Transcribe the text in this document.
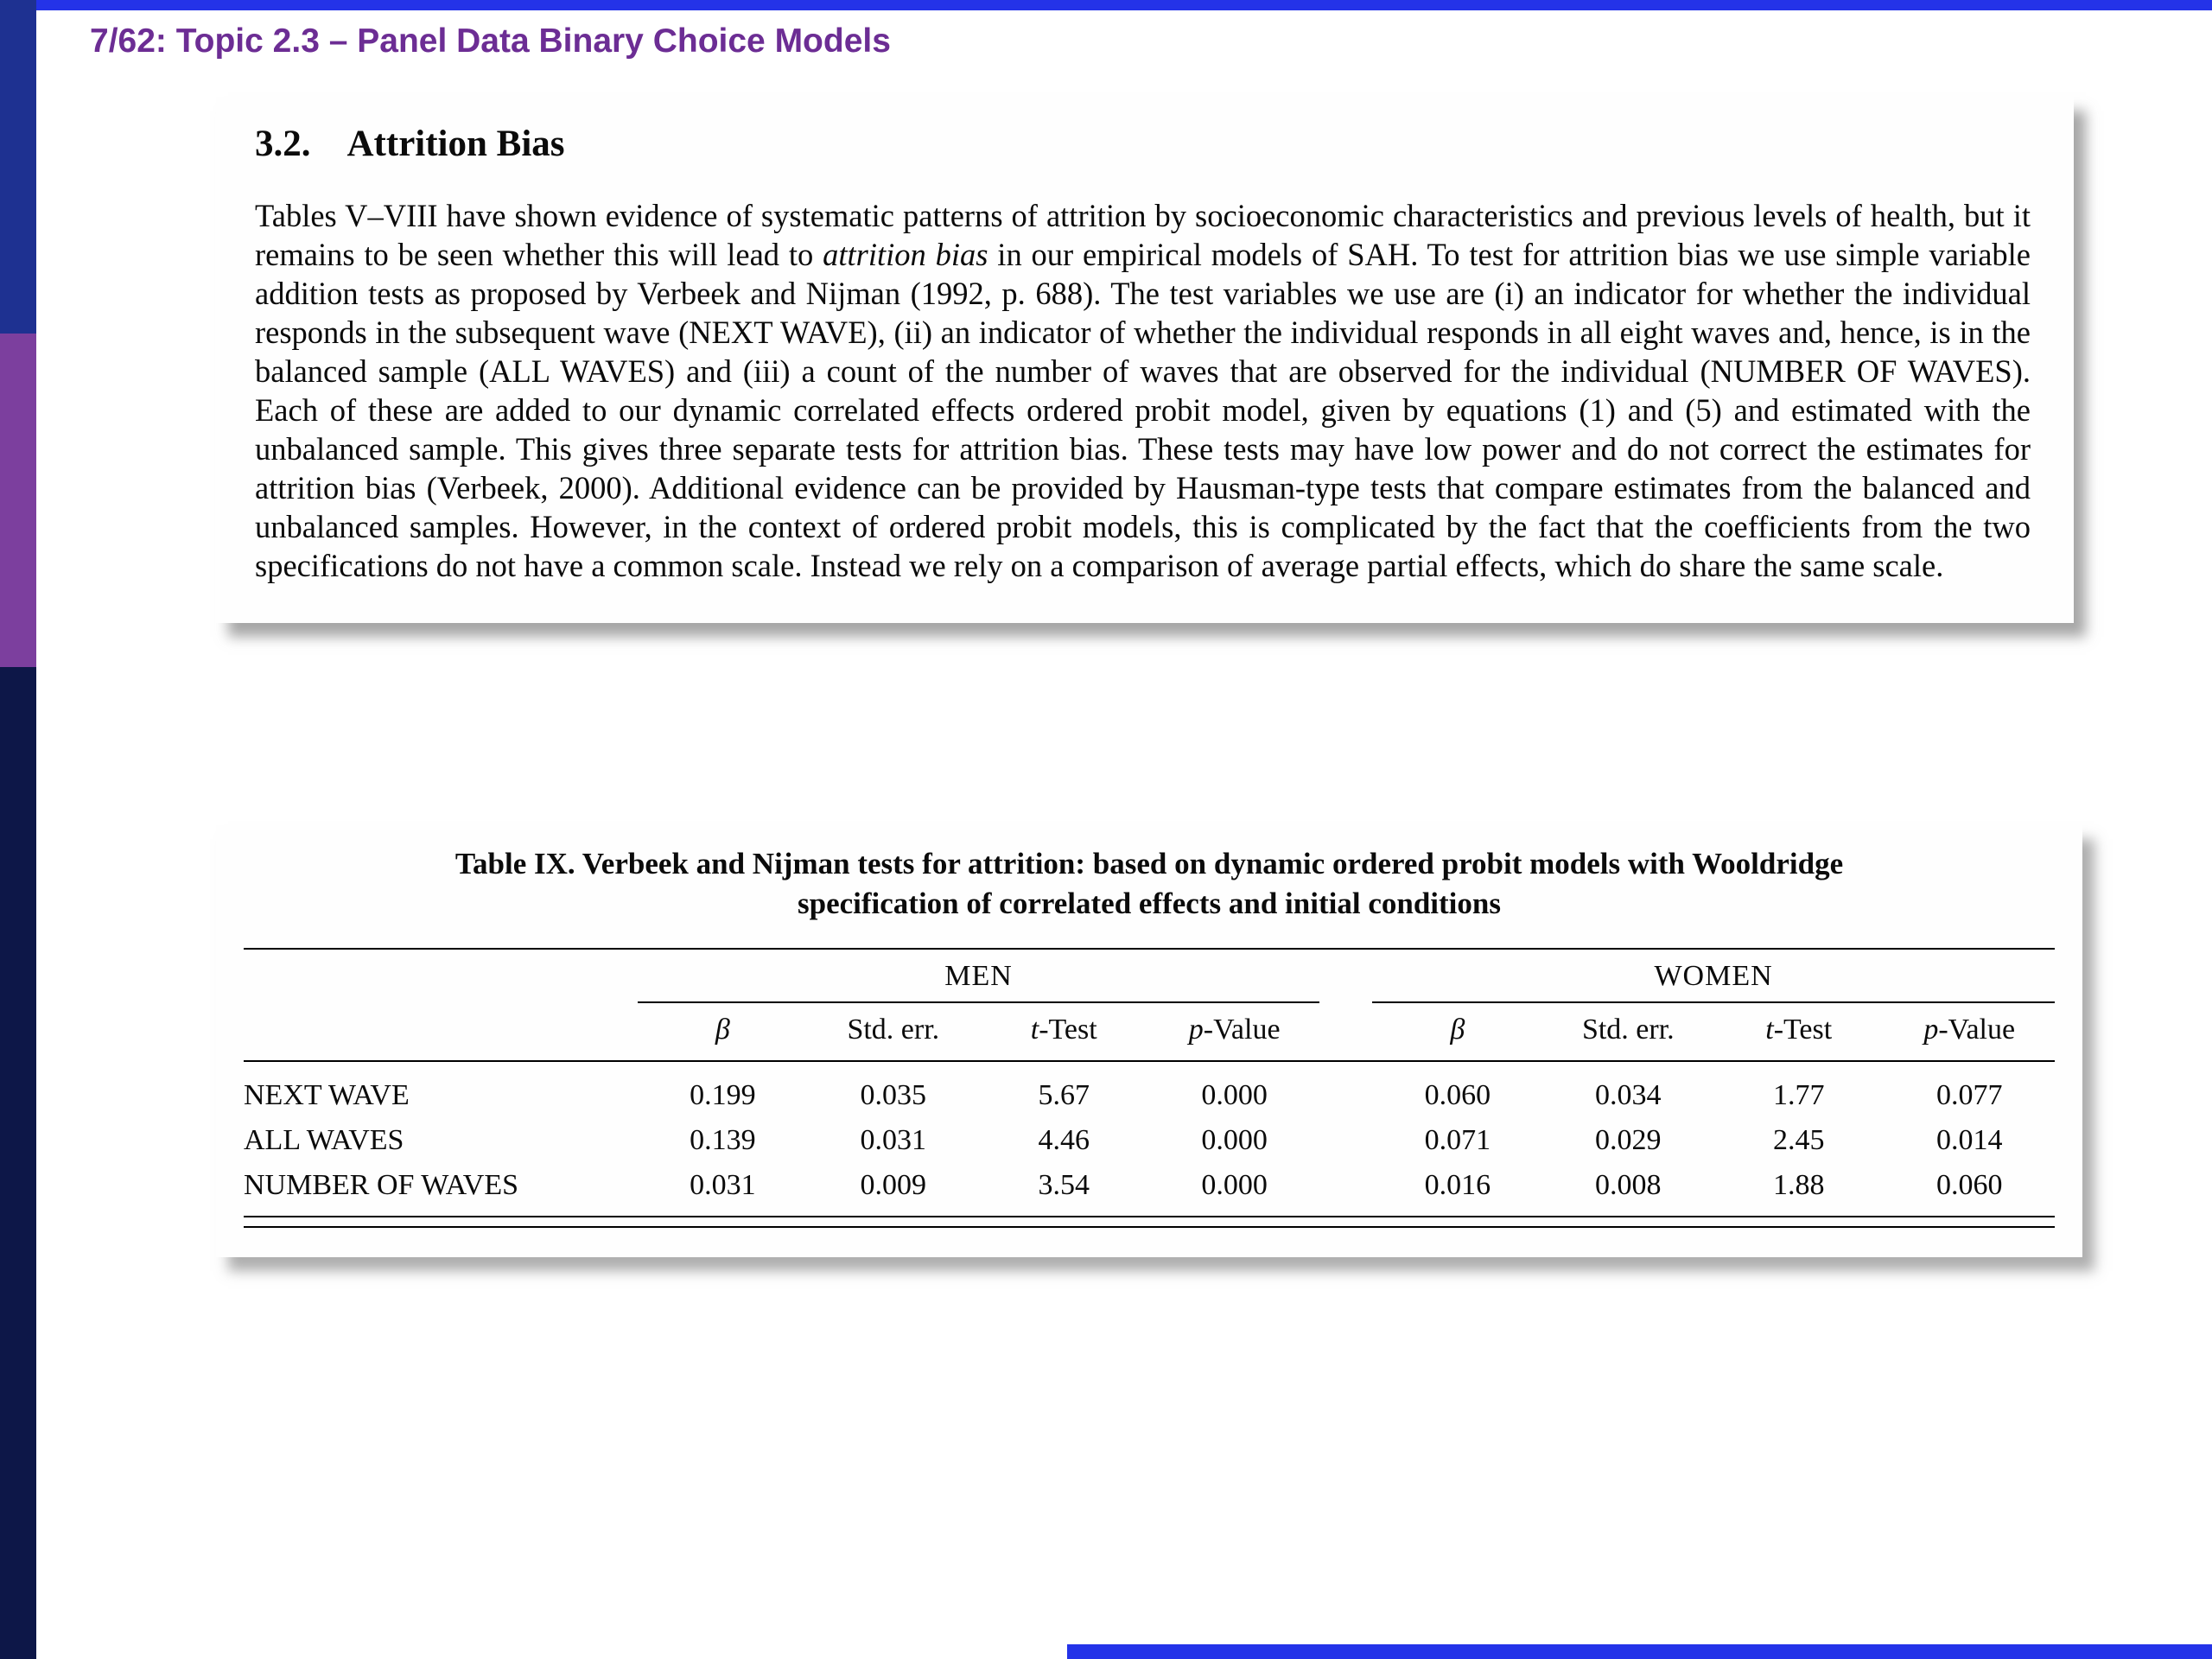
7/62: Topic 2.3 – Panel Data Binary Choice Models
3.2. Attrition Bias

Tables V–VIII have shown evidence of systematic patterns of attrition by socioeconomic characteristics and previous levels of health, but it remains to be seen whether this will lead to attrition bias in our empirical models of SAH. To test for attrition bias we use simple variable addition tests as proposed by Verbeek and Nijman (1992, p. 688). The test variables we use are (i) an indicator for whether the individual responds in the subsequent wave (NEXT WAVE), (ii) an indicator of whether the individual responds in all eight waves and, hence, is in the balanced sample (ALL WAVES) and (iii) a count of the number of waves that are observed for the individual (NUMBER OF WAVES). Each of these are added to our dynamic correlated effects ordered probit model, given by equations (1) and (5) and estimated with the unbalanced sample. This gives three separate tests for attrition bias. These tests may have low power and do not correct the estimates for attrition bias (Verbeek, 2000). Additional evidence can be provided by Hausman-type tests that compare estimates from the balanced and unbalanced samples. However, in the context of ordered probit models, this is complicated by the fact that the coefficients from the two specifications do not have a common scale. Instead we rely on a comparison of average partial effects, which do share the same scale.

Table IX. Verbeek and Nijman tests for attrition: based on dynamic ordered probit models with Wooldridge
specification of correlated effects and initial conditions
	MEN					WOMEN			
	β	Std. err.	t-Test	p-Value		β	Std. err.	t-Test	p-Value
NEXT WAVE	0.199	0.035	5.67	0.000		0.060	0.034	1.77	0.077
ALL WAVES	0.139	0.031	4.46	0.000		0.071	0.029	2.45	0.014
NUMBER OF WAVES	0.031	0.009	3.54	0.000		0.016	0.008	1.88	0.060
